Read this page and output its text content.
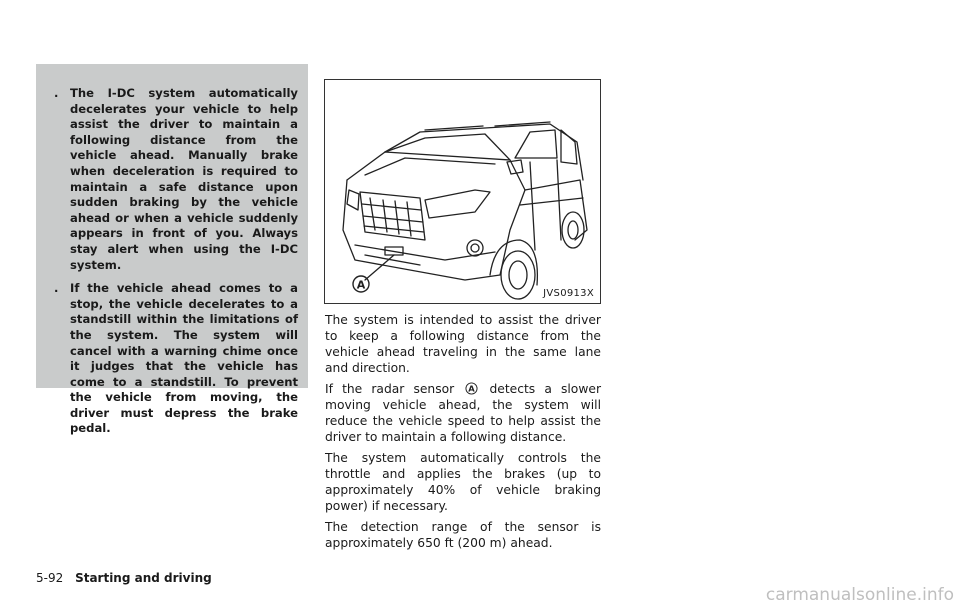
. The I-DC system automatically decelerates your vehicle to help assist the driver to maintain a following distance from the vehicle ahead. Manually brake when deceleration is required to maintain a safe distance upon sudden braking by the vehicle ahead or when a vehicle suddenly appears in front of you. Always stay alert when using the I-DC system.
. If the vehicle ahead comes to a stop, the vehicle decelerates to a standstill within the limitations of the system. The system will cancel with a warning chime once it judges that the vehicle has come to a standstill. To prevent the vehicle from moving, the driver must depress the brake pedal.
A
JVS0913X

The system is intended to assist the driver to keep a following distance from the vehicle ahead traveling in the same lane and direction.

If the radar sensor A detects a slower moving vehicle ahead, the system will reduce the vehicle speed to help assist the driver to maintain a following distance.

The system automatically controls the throttle and applies the brakes (up to approximately 40% of vehicle braking power) if necessary.

The detection range of the sensor is approximately 650 ft (200 m) ahead.

5-92 Starting and driving
carmanualsonline.info
